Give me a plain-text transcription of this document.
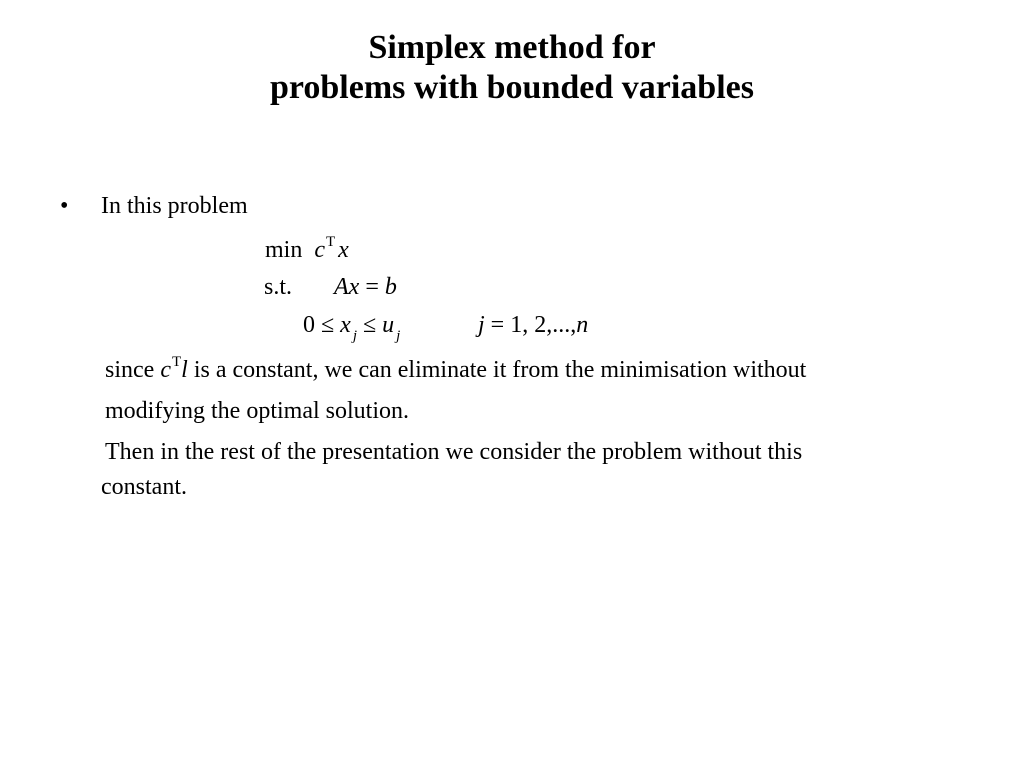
Simplex method for
problems with bounded variables
• In this problem
$\min c^T$ x
s.t. Ax = b
0 ≤ x $_j$ ≤ u $_j$	j = 1, 2,...,n
since $c^Tl$ is a constant, we can eliminate it from the minimisation without
modifying the optimal solution.
Then in the rest of the presentation we consider the problem without this
constant.
